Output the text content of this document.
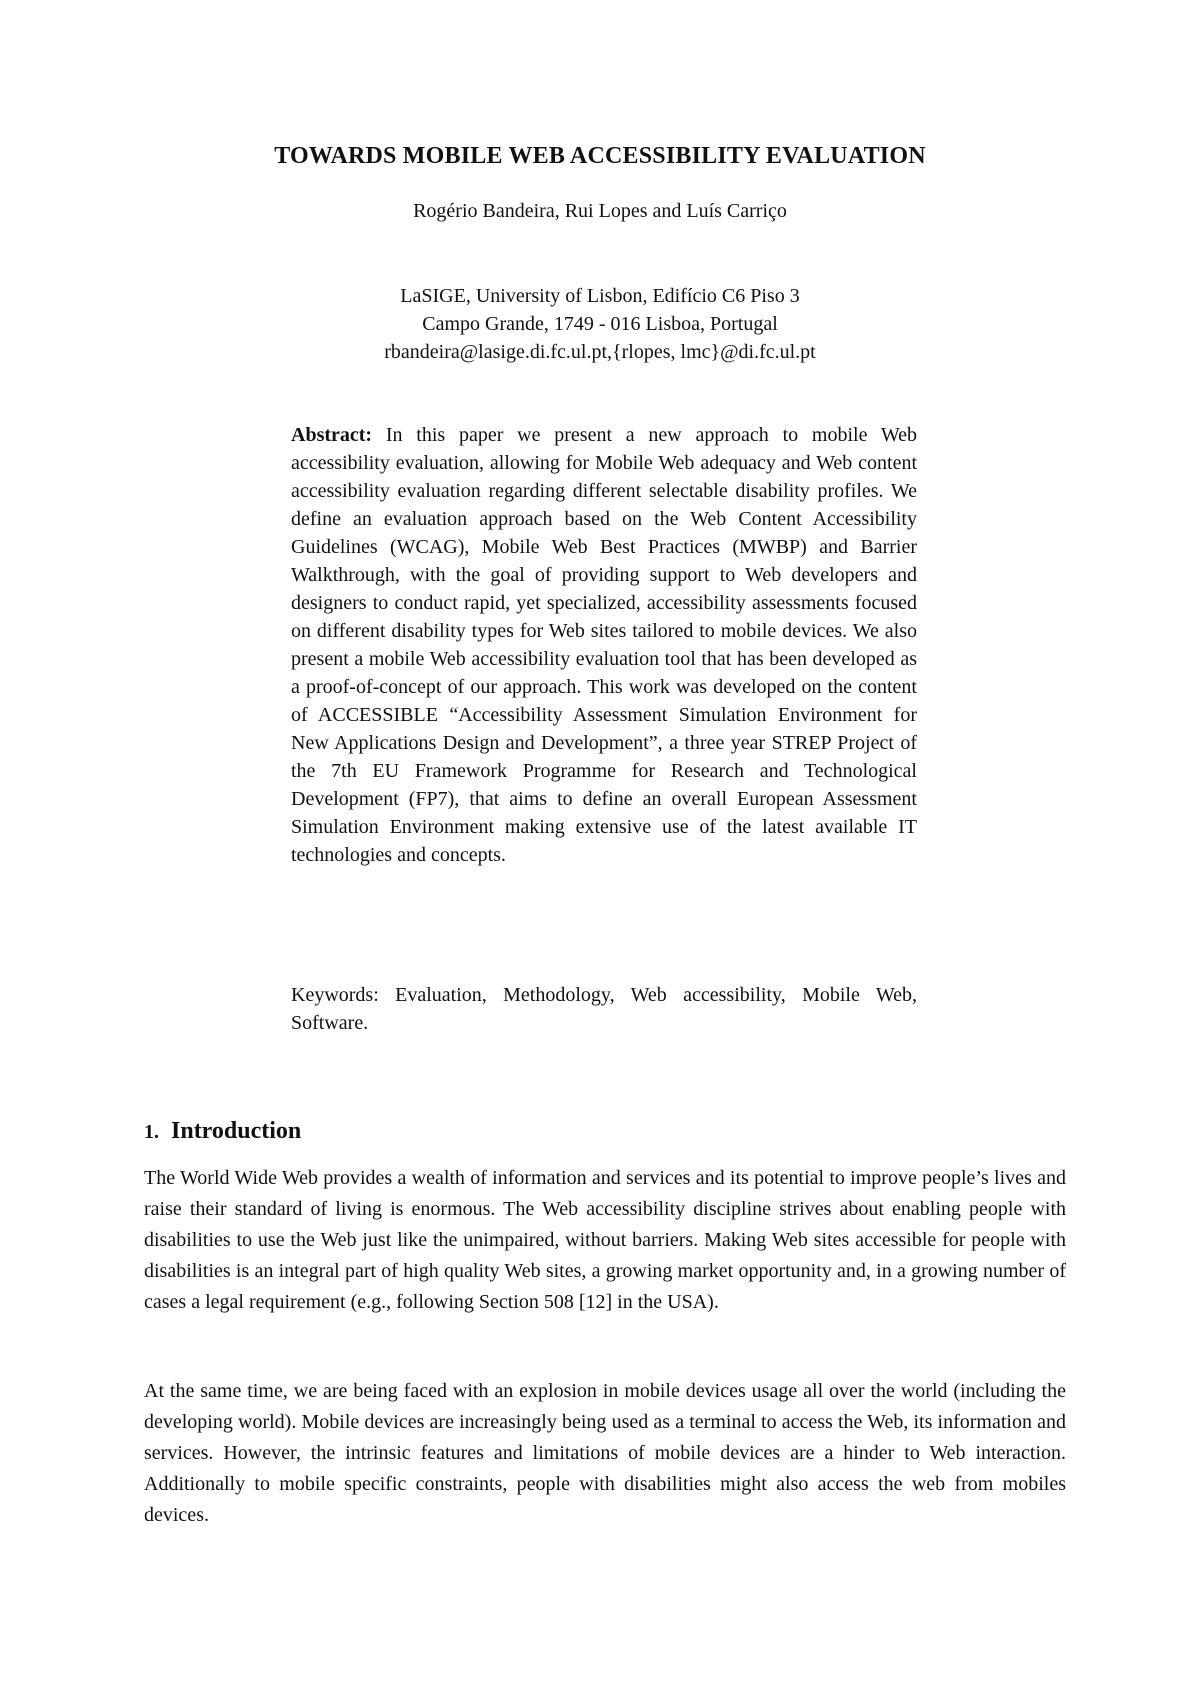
TOWARDS MOBILE WEB ACCESSIBILITY EVALUATION
Rogério Bandeira, Rui Lopes and Luís Carriço
LaSIGE, University of Lisbon, Edifício C6 Piso 3
Campo Grande, 1749 - 016 Lisboa, Portugal
rbandeira@lasige.di.fc.ul.pt,{rlopes, lmc}@di.fc.ul.pt
Abstract: In this paper we present a new approach to mobile Web accessibility evaluation, allowing for Mobile Web adequacy and Web content accessibility evaluation regarding different selectable disability profiles. We define an evaluation approach based on the Web Content Accessibility Guidelines (WCAG), Mobile Web Best Practices (MWBP) and Barrier Walkthrough, with the goal of providing support to Web developers and designers to conduct rapid, yet specialized, accessibility assessments focused on different disability types for Web sites tailored to mobile devices. We also present a mobile Web accessibility evaluation tool that has been developed as a proof-of-concept of our approach. This work was developed on the content of ACCESSIBLE “Accessibility Assessment Simulation Environment for New Applications Design and Development”, a three year STREP Project of the 7th EU Framework Programme for Research and Technological Development (FP7), that aims to define an overall European Assessment Simulation Environment making extensive use of the latest available IT technologies and concepts.
Keywords: Evaluation, Methodology, Web accessibility, Mobile Web, Software.
1. Introduction
The World Wide Web provides a wealth of information and services and its potential to improve people’s lives and raise their standard of living is enormous. The Web accessibility discipline strives about enabling people with disabilities to use the Web just like the unimpaired, without barriers. Making Web sites accessible for people with disabilities is an integral part of high quality Web sites, a growing market opportunity and, in a growing number of cases a legal requirement (e.g., following Section 508 [12] in the USA).
At the same time, we are being faced with an explosion in mobile devices usage all over the world (including the developing world). Mobile devices are increasingly being used as a terminal to access the Web, its information and services. However, the intrinsic features and limitations of mobile devices are a hinder to Web interaction. Additionally to mobile specific constraints, people with disabilities might also access the web from mobiles devices.
